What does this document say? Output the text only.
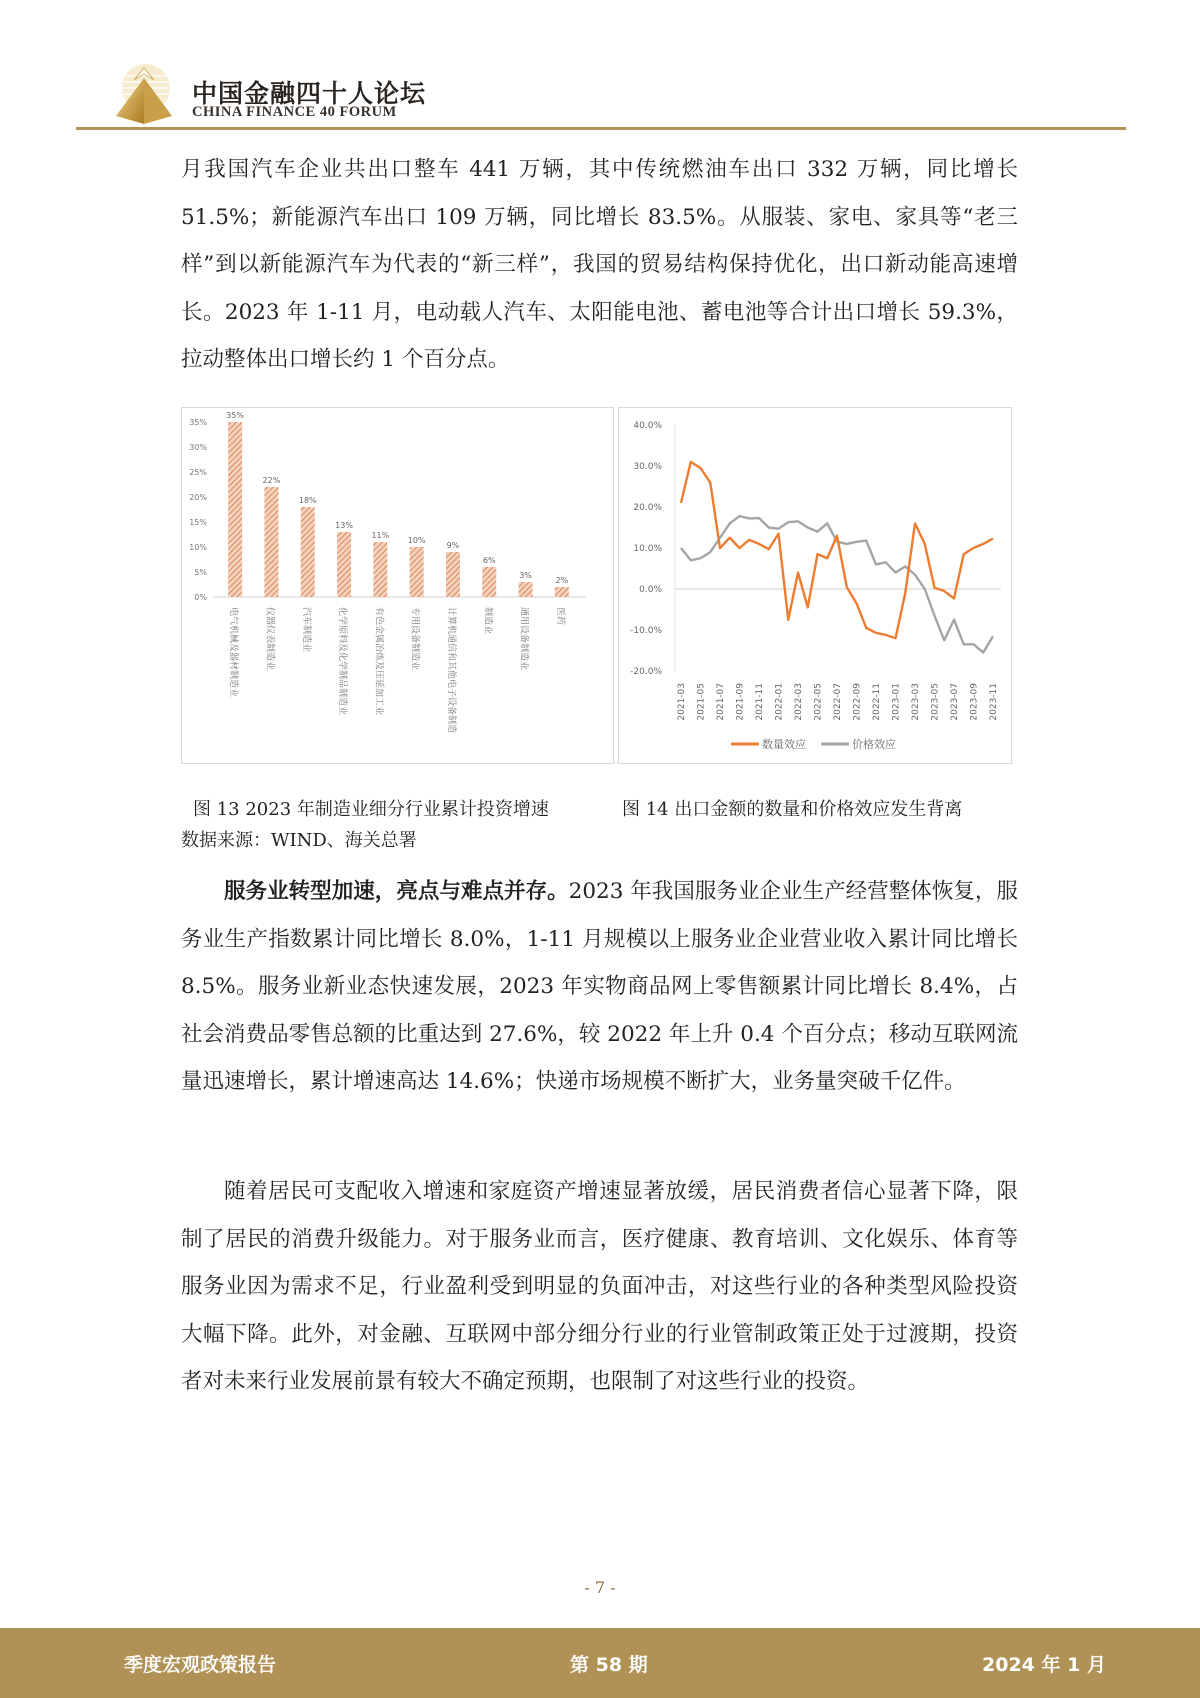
中国金融四十人论坛
CHINA FINANCE 40 FORUM
月我国汽车企业共出口整车 441 万辆，其中传统燃油车出口 332 万辆，同比增长 51.5%；新能源汽车出口 109 万辆，同比增长 83.5%。从服装、家电、家具等“老三样”到以新能源汽车为代表的“新三样”，我国的贸易结构保持优化，出口新动能高速增长。2023 年 1-11 月，电动载人汽车、太阳能电池、蓄电池等合计出口增长 59.3%，拉动整体出口增长约 1 个百分点。
0%
5%
10%
15%
20%
25%
30%
35%
35%
电气机械及器材制造业
22%
仪器仪表制造业
18%
汽车制造业
13%
化学原料及化学制品制造业
11%
有色金属冶炼及压延加工业
10%
专用设备制造业
9%
计算机通信和其他电子设备制造
6%
制造业
3%
通用设备制造业
2%
医药
-20.0%
-10.0%
0.0%
10.0%
20.0%
30.0%
40.0%
2021-03 2021-05 2021-07 2021-09 2021-11 2022-01 2022-03 2022-05 2022-07 2022-09 2022-11 2023-01 2023-03 2023-05 2023-07 2023-09 2023-11
数量效应	价格效应
图 13 2023 年制造业细分行业累计投资增速	图 14 出口金额的数量和价格效应发生背离
数据来源：WIND、海关总署
服务业转型加速，亮点与难点并存。2023 年我国服务业企业生产经营整体恢复，服务业生产指数累计同比增长 8.0%，1-11 月规模以上服务业企业营业收入累计同比增长 8.5%。服务业新业态快速发展，2023 年实物商品网上零售额累计同比增长 8.4%，占社会消费品零售总额的比重达到 27.6%，较 2022 年上升 0.4 个百分点；移动互联网流量迅速增长，累计增速高达 14.6%；快递市场规模不断扩大，业务量突破千亿件。
随着居民可支配收入增速和家庭资产增速显著放缓，居民消费者信心显著下降，限制了居民的消费升级能力。对于服务业而言，医疗健康、教育培训、文化娱乐、体育等服务业因为需求不足，行业盈利受到明显的负面冲击，对这些行业的各种类型风险投资大幅下降。此外，对金融、互联网中部分细分行业的行业管制政策正处于过渡期，投资者对未来行业发展前景有较大不确定预期，也限制了对这些行业的投资。
- 7 -
季度宏观政策报告	第 58 期	2024 年 1 月
